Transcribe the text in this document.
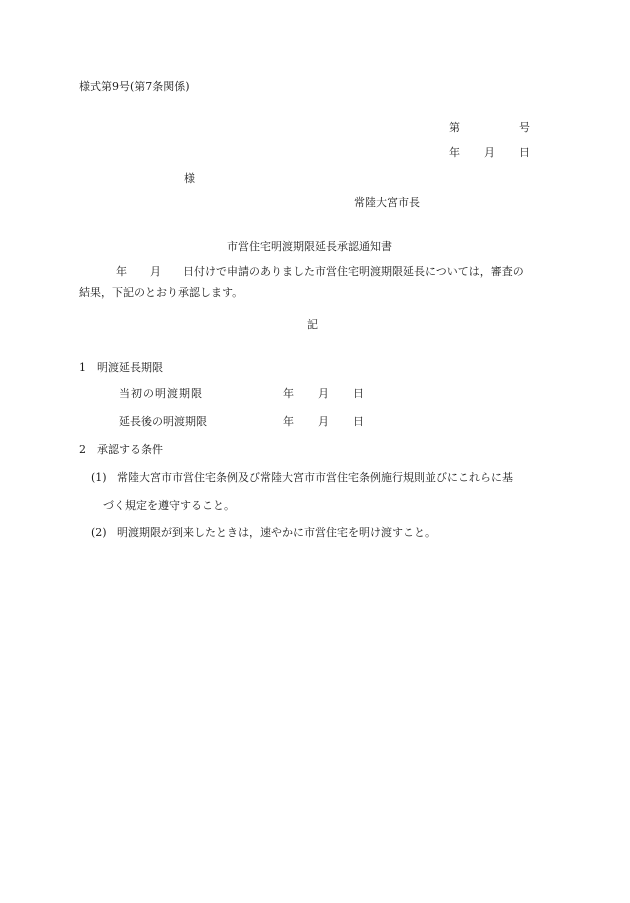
様式第9号(第7条関係)

第	号
年 月 日
様
常陸大宮市長
市営住宅明渡期限延長承認通知書
年 月 日付けで申請のありました市営住宅明渡期限延長については，審査の
結果，下記のとおり承認します。
記
1　明渡延長期限
当初の明渡期限	年 月 日
延長後の明渡期限	年 月 日
2　承認する条件
(1) 常陸大宮市市営住宅条例及び常陸大宮市市営住宅条例施行規則並びにこれらに基
づく規定を遵守すること。
(2) 明渡期限が到来したときは，速やかに市営住宅を明け渡すこと。
